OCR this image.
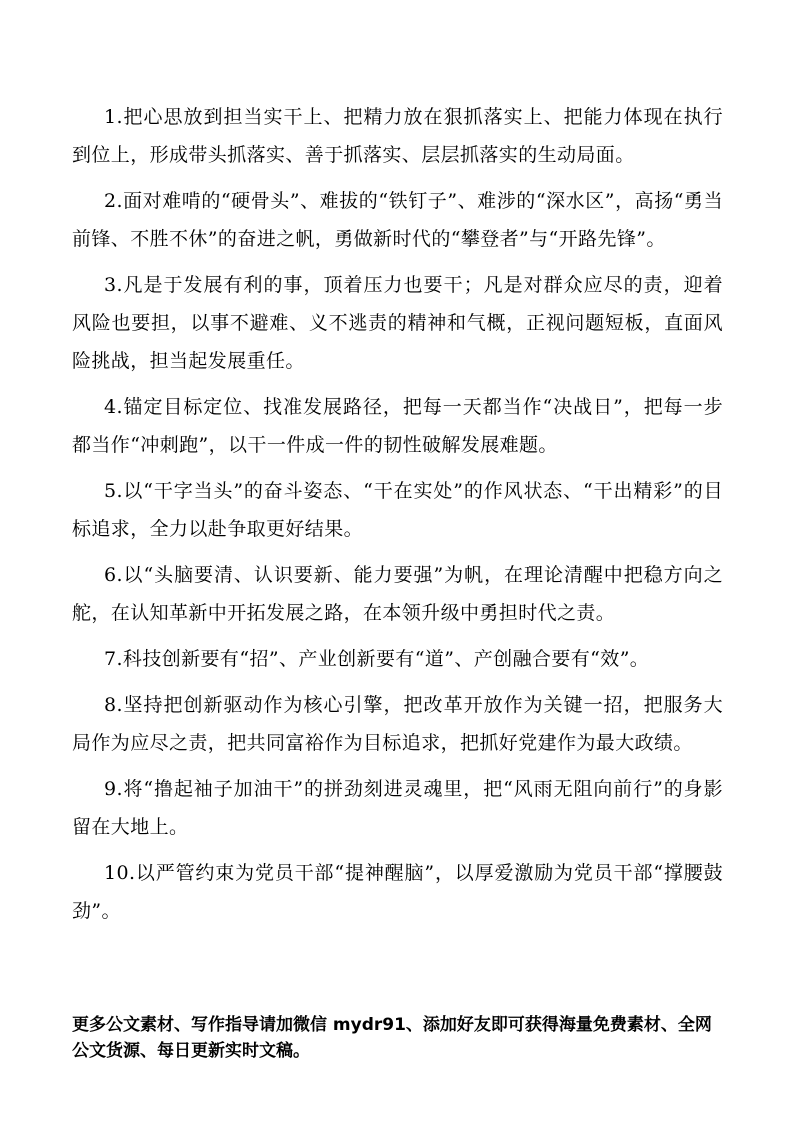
1.把心思放到担当实干上、把精力放在狠抓落实上、把能力体现在执行到位上，形成带头抓落实、善于抓落实、层层抓落实的生动局面。

2.面对难啃的“硬骨头”、难拔的“铁钉子”、难涉的“深水区”，高扬“勇当前锋、不胜不休”的奋进之帆，勇做新时代的“攀登者”与“开路先锋”。

3.凡是于发展有利的事，顶着压力也要干；凡是对群众应尽的责，迎着风险也要担，以事不避难、义不逃责的精神和气概，正视问题短板，直面风险挑战，担当起发展重任。

4.锚定目标定位、找准发展路径，把每一天都当作“决战日”，把每一步都当作“冲刺跑”，以干一件成一件的韧性破解发展难题。

5.以“干字当头”的奋斗姿态、“干在实处”的作风状态、“干出精彩”的目标追求，全力以赴争取更好结果。

6.以“头脑要清、认识要新、能力要强”为帆，在理论清醒中把稳方向之舵，在认知革新中开拓发展之路，在本领升级中勇担时代之责。

7.科技创新要有“招”、产业创新要有“道”、产创融合要有“效”。

8.坚持把创新驱动作为核心引擎，把改革开放作为关键一招，把服务大局作为应尽之责，把共同富裕作为目标追求，把抓好党建作为最大政绩。

9.将“撸起袖子加油干”的拼劲刻进灵魂里，把“风雨无阻向前行”的身影留在大地上。

10.以严管约束为党员干部“提神醒脑”，以厚爱激励为党员干部“撑腰鼓劲”。

更多公文素材、写作指导请加微信 mydr91、添加好友即可获得海量免费素材、全网公文货源、每日更新实时文稿。
